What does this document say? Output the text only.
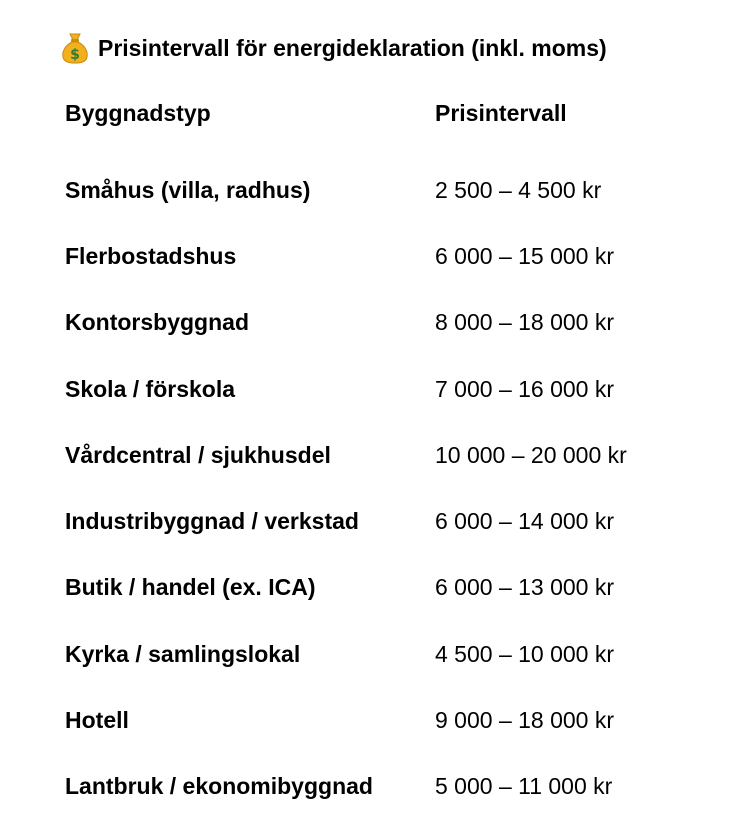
$ Prisintervall för energideklaration (inkl. moms)
Byggnadstyp	Prisintervall
Småhus (villa, radhus)	2 500 – 4 500 kr
Flerbostadshus	6 000 – 15 000 kr
Kontorsbyggnad	8 000 – 18 000 kr
Skola / förskola	7 000 – 16 000 kr
Vårdcentral / sjukhusdel	10 000 – 20 000 kr
Industribyggnad / verkstad	6 000 – 14 000 kr
Butik / handel (ex. ICA)	6 000 – 13 000 kr
Kyrka / samlingslokal	4 500 – 10 000 kr
Hotell	9 000 – 18 000 kr
Lantbruk / ekonomibyggnad	5 000 – 11 000 kr
